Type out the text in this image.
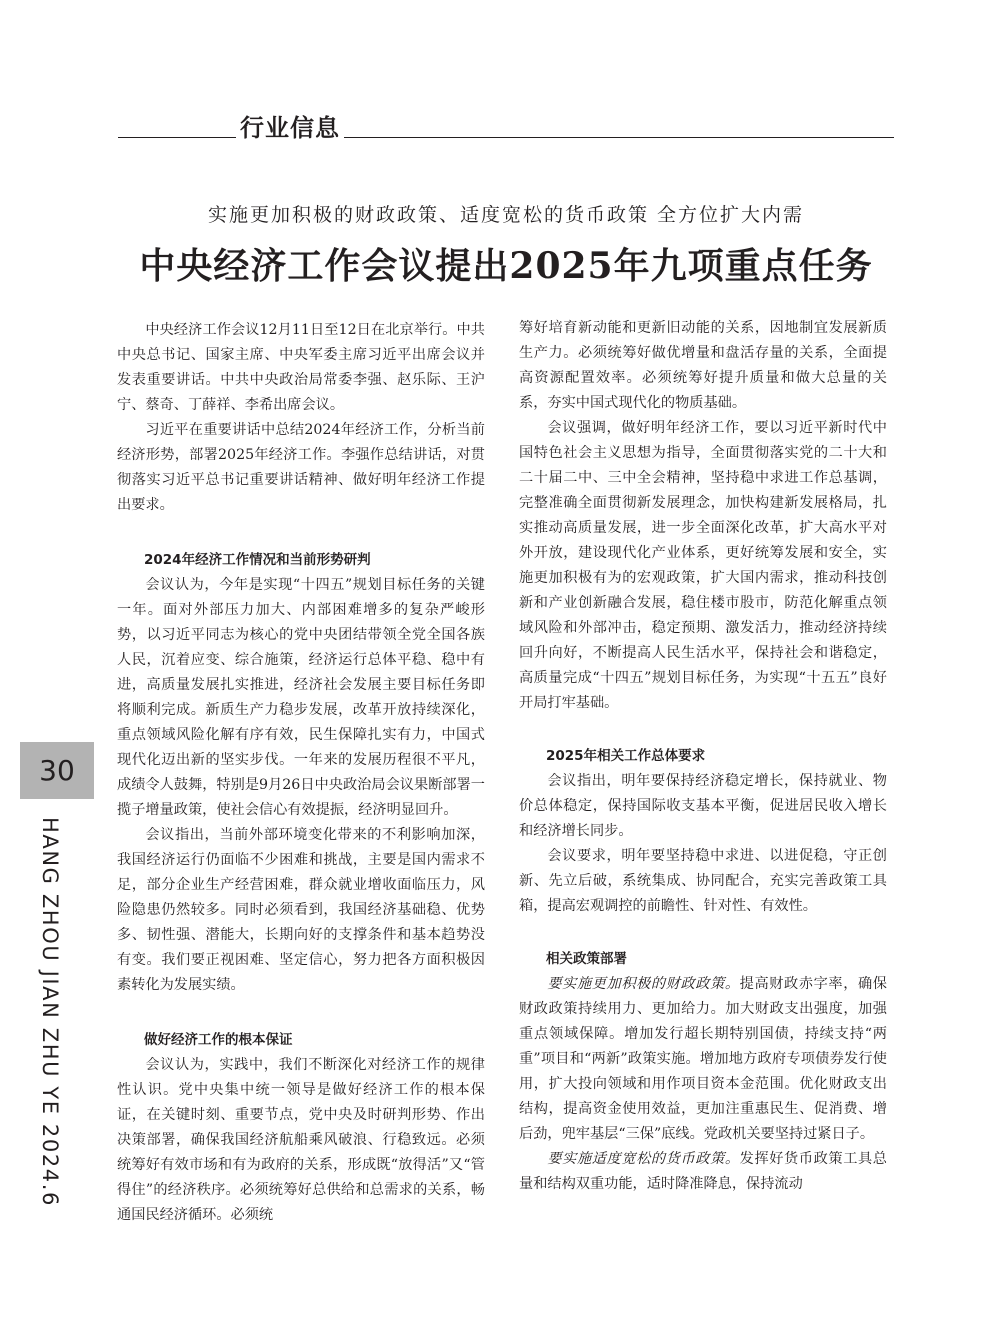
行业信息
实施更加积极的财政政策、适度宽松的货币政策 全方位扩大内需
中央经济工作会议提出2025年九项重点任务

中央经济工作会议12月11日至12日在北京举行。中共中央总书记、国家主席、中央军委主席习近平出席会议并发表重要讲话。中共中央政治局常委李强、赵乐际、王沪宁、蔡奇、丁薛祥、李希出席会议。

习近平在重要讲话中总结2024年经济工作，分析当前经济形势，部署2025年经济工作。李强作总结讲话，对贯彻落实习近平总书记重要讲话精神、做好明年经济工作提出要求。

2024年经济工作情况和当前形势研判

会议认为，今年是实现“十四五”规划目标任务的关键一年。面对外部压力加大、内部困难增多的复杂严峻形势，以习近平同志为核心的党中央团结带领全党全国各族人民，沉着应变、综合施策，经济运行总体平稳、稳中有进，高质量发展扎实推进，经济社会发展主要目标任务即将顺利完成。新质生产力稳步发展，改革开放持续深化，重点领域风险化解有序有效，民生保障扎实有力，中国式现代化迈出新的坚实步伐。一年来的发展历程很不平凡，成绩令人鼓舞，特别是9月26日中央政治局会议果断部署一揽子增量政策，使社会信心有效提振，经济明显回升。

会议指出，当前外部环境变化带来的不利影响加深，我国经济运行仍面临不少困难和挑战，主要是国内需求不足，部分企业生产经营困难，群众就业增收面临压力，风险隐患仍然较多。同时必须看到，我国经济基础稳、优势多、韧性强、潜能大，长期向好的支撑条件和基本趋势没有变。我们要正视困难、坚定信心，努力把各方面积极因素转化为发展实绩。

做好经济工作的根本保证

会议认为，实践中，我们不断深化对经济工作的规律性认识。党中央集中统一领导是做好经济工作的根本保证，在关键时刻、重要节点，党中央及时研判形势、作出决策部署，确保我国经济航船乘风破浪、行稳致远。必须统筹好有效市场和有为政府的关系，形成既“放得活”又“管得住”的经济秩序。必须统筹好总供给和总需求的关系，畅通国民经济循环。必须统

筹好培育新动能和更新旧动能的关系，因地制宜发展新质生产力。必须统筹好做优增量和盘活存量的关系，全面提高资源配置效率。必须统筹好提升质量和做大总量的关系，夯实中国式现代化的物质基础。

会议强调，做好明年经济工作，要以习近平新时代中国特色社会主义思想为指导，全面贯彻落实党的二十大和二十届二中、三中全会精神，坚持稳中求进工作总基调，完整准确全面贯彻新发展理念，加快构建新发展格局，扎实推动高质量发展，进一步全面深化改革，扩大高水平对外开放，建设现代化产业体系，更好统筹发展和安全，实施更加积极有为的宏观政策，扩大国内需求，推动科技创新和产业创新融合发展，稳住楼市股市，防范化解重点领域风险和外部冲击，稳定预期、激发活力，推动经济持续回升向好，不断提高人民生活水平，保持社会和谐稳定，高质量完成“十四五”规划目标任务，为实现“十五五”良好开局打牢基础。

2025年相关工作总体要求

会议指出，明年要保持经济稳定增长，保持就业、物价总体稳定，保持国际收支基本平衡，促进居民收入增长和经济增长同步。

会议要求，明年要坚持稳中求进、以进促稳，守正创新、先立后破，系统集成、协同配合，充实完善政策工具箱，提高宏观调控的前瞻性、针对性、有效性。

相关政策部署

要实施更加积极的财政政策。提高财政赤字率，确保财政政策持续用力、更加给力。加大财政支出强度，加强重点领域保障。增加发行超长期特别国债，持续支持“两重”项目和“两新”政策实施。增加地方政府专项债券发行使用，扩大投向领域和用作项目资本金范围。优化财政支出结构，提高资金使用效益，更加注重惠民生、促消费、增后劲，兜牢基层“三保”底线。党政机关要坚持过紧日子。

要实施适度宽松的货币政策。发挥好货币政策工具总量和结构双重功能，适时降准降息，保持流动

30
HANG ZHOU JIAN ZHU YE 2024.6
